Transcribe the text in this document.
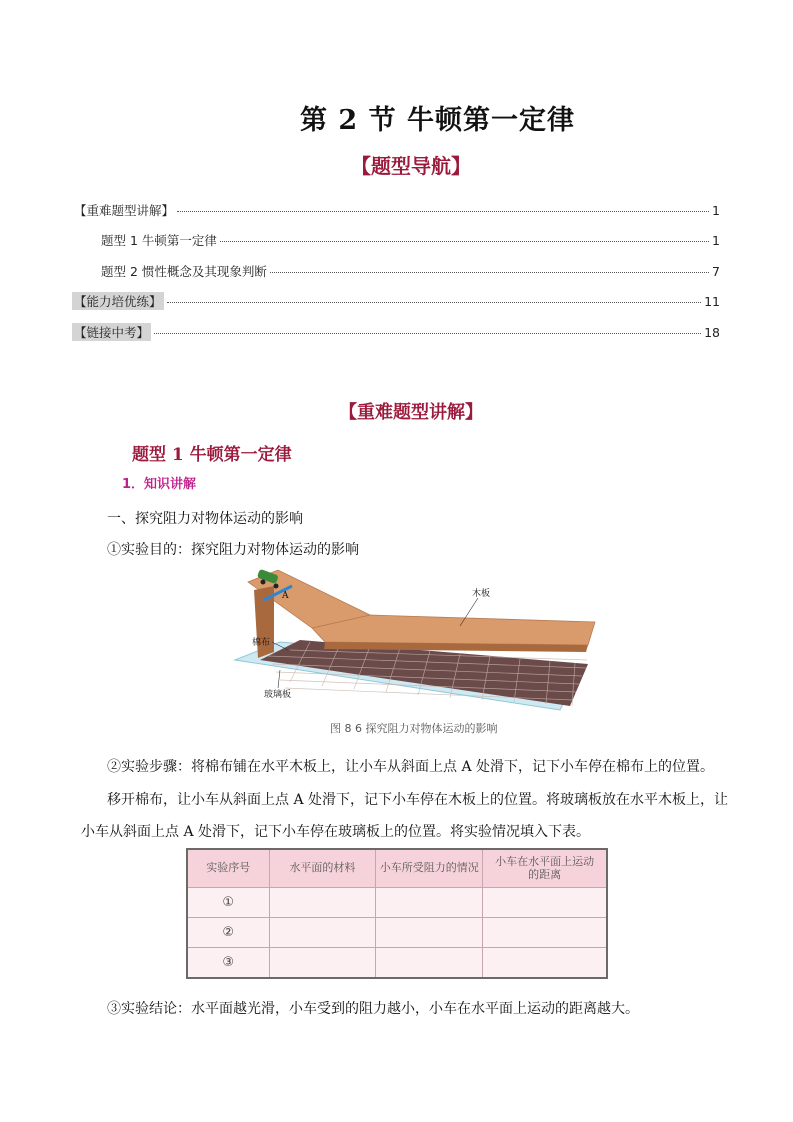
第 2 节 牛顿第一定律
【题型导航】
【重难题型讲解】	1
题型 1 牛顿第一定律	1
题型 2 惯性概念及其现象判断	7
【能力培优练】	11
【链接中考】	18
【重难题型讲解】
题型 1 牛顿第一定律
1．知识讲解
一、探究阻力对物体运动的影响
①实验目的：探究阻力对物体运动的影响
A	木板
棉布
玻璃板
图 8 6 探究阻力对物体运动的影响
②实验步骤：将棉布铺在水平木板上，让小车从斜面上点 A 处滑下，记下小车停在棉布上的位置。
移开棉布，让小车从斜面上点 A 处滑下，记下小车停在木板上的位置。将玻璃板放在水平木板上，让
小车从斜面上点 A 处滑下，记下小车停在玻璃板上的位置。将实验情况填入下表。
实验序号	水平面的材料	小车所受阻力的情况	小车在水平面上运动的距离
①			
②			
③			
③实验结论：水平面越光滑，小车受到的阻力越小，小车在水平面上运动的距离越大。
